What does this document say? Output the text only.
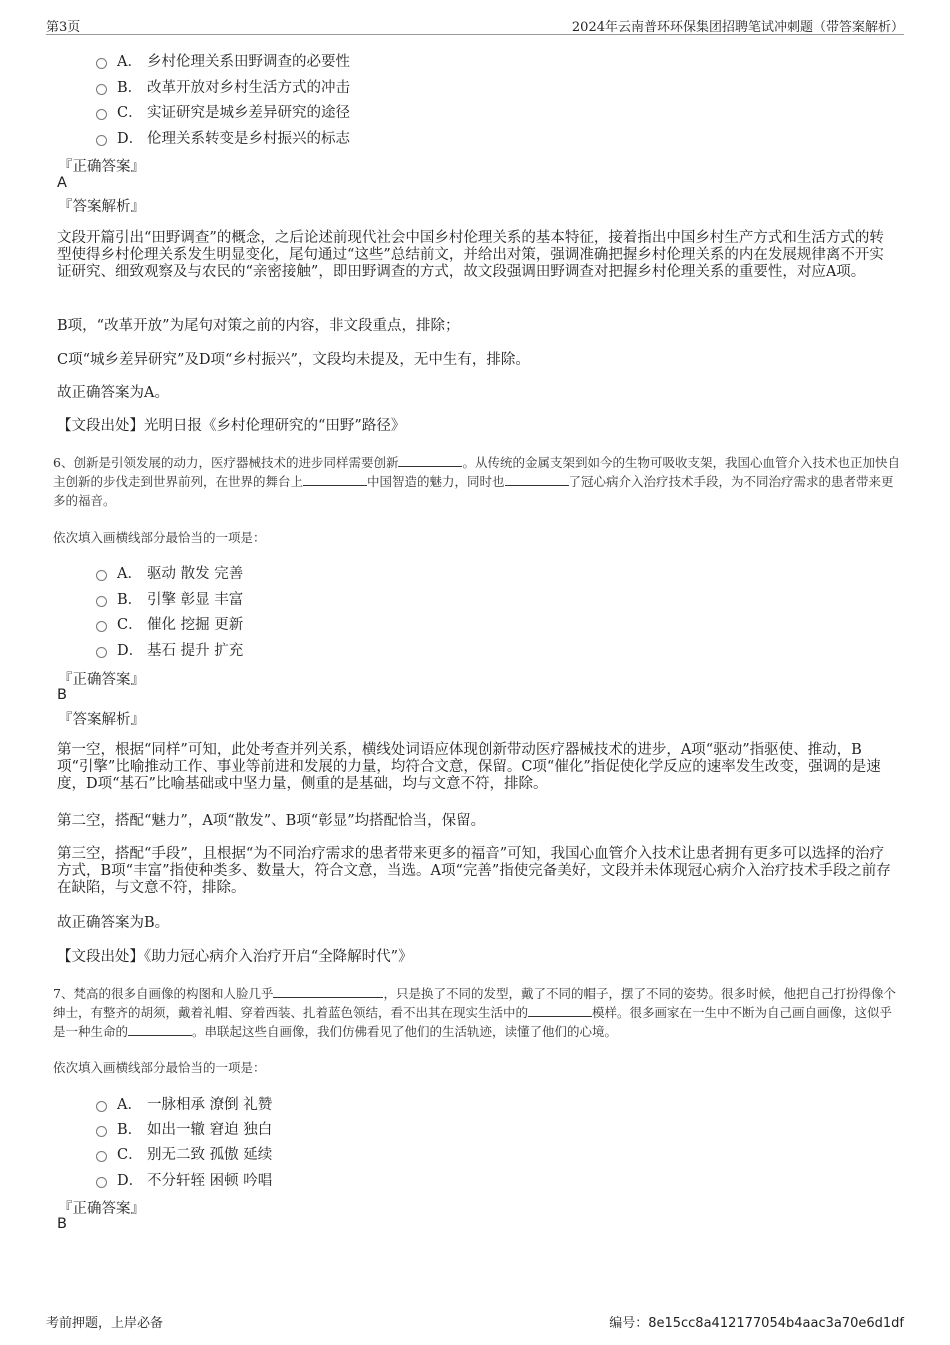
第3页	2024年云南普环环保集团招聘笔试冲刺题（带答案解析）
A． 乡村伦理关系田野调查的必要性
B． 改革开放对乡村生活方式的冲击
C． 实证研究是城乡差异研究的途径
D． 伦理关系转变是乡村振兴的标志
『正确答案』
A
『答案解析』
文段开篇引出“田野调查”的概念，之后论述前现代社会中国乡村伦理关系的基本特征，接着指出中国乡村生产方式和生活方式的转型使得乡村伦理关系发生明显变化，尾句通过“这些”总结前文，并给出对策，强调准确把握乡村伦理关系的内在发展规律离不开实证研究、细致观察及与农民的“亲密接触”，即田野调查的方式，故文段强调田野调查对把握乡村伦理关系的重要性，对应A项。
B项，“改革开放”为尾句对策之前的内容，非文段重点，排除；
C项“城乡差异研究”及D项“乡村振兴”，文段均未提及，无中生有，排除。
故正确答案为A。
【文段出处】光明日报《乡村伦理研究的“田野”路径》
6、创新是引领发展的动力，医疗器械技术的进步同样需要创新	。从传统的金属支架到如今的生物可吸收支架，我国心血管介入技术也正加快自主创新的步伐走到世界前列，在世界的舞台上	中国智造的魅力，同时也	了冠心病介入治疗技术手段，为不同治疗需求的患者带来更多的福音。
依次填入画横线部分最恰当的一项是：
A． 驱动 散发 完善
B． 引擎 彰显 丰富
C． 催化 挖掘 更新
D． 基石 提升 扩充
『正确答案』
B
『答案解析』
第一空，根据“同样”可知，此处考查并列关系，横线处词语应体现创新带动医疗器械技术的进步，A项“驱动”指驱使、推动，B项“引擎”比喻推动工作、事业等前进和发展的力量，均符合文意，保留。C项“催化”指促使化学反应的速率发生改变，强调的是速度，D项“基石”比喻基础或中坚力量，侧重的是基础，均与文意不符，排除。
第二空，搭配“魅力”，A项“散发”、B项“彰显”均搭配恰当，保留。
第三空，搭配“手段”，且根据“为不同治疗需求的患者带来更多的福音”可知，我国心血管介入技术让患者拥有更多可以选择的治疗方式，B项“丰富”指使种类多、数量大，符合文意，当选。A项“完善”指使完备美好，文段并未体现冠心病介入治疗技术手段之前存在缺陷，与文意不符，排除。
故正确答案为B。
【文段出处】《助力冠心病介入治疗开启“全降解时代”》
7、梵高的很多自画像的构图和人脸几乎	，只是换了不同的发型，戴了不同的帽子，摆了不同的姿势。很多时候，他把自己打扮得像个绅士，有整齐的胡须，戴着礼帽、穿着西装、扎着蓝色领结，看不出其在现实生活中的	模样。很多画家在一生中不断为自己画自画像，这似乎是一种生命的	。串联起这些自画像，我们仿佛看见了他们的生活轨迹，读懂了他们的心境。
依次填入画横线部分最恰当的一项是：
A． 一脉相承 潦倒 礼赞
B． 如出一辙 窘迫 独白
C． 别无二致 孤傲 延续
D． 不分轩轾 困顿 吟唱
『正确答案』
B
考前押题，上岸必备	编号：8e15cc8a412177054b4aac3a70e6d1df
